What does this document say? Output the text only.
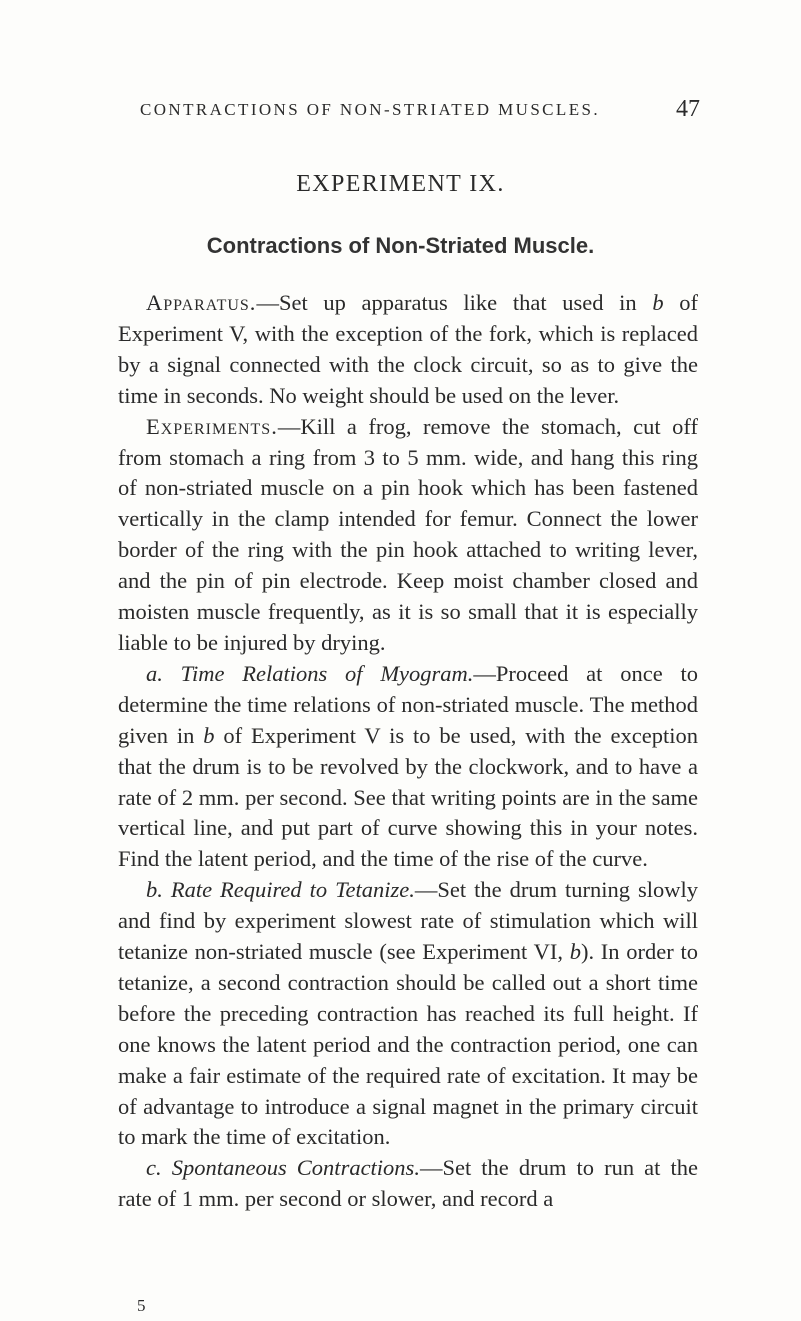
CONTRACTIONS OF NON-STRIATED MUSCLES.	47
EXPERIMENT IX.
Contractions of Non-Striated Muscle.

Apparatus.—Set up apparatus like that used in b of Experiment V, with the exception of the fork, which is replaced by a signal connected with the clock circuit, so as to give the time in seconds. No weight should be used on the lever.

Experiments.—Kill a frog, remove the stomach, cut off from stomach a ring from 3 to 5 mm. wide, and hang this ring of non-striated muscle on a pin hook which has been fastened vertically in the clamp intended for femur. Connect the lower border of the ring with the pin hook attached to writing lever, and the pin of pin electrode. Keep moist chamber closed and moisten muscle frequently, as it is so small that it is especially liable to be injured by drying.

a. Time Relations of Myogram.—Proceed at once to determine the time relations of non-striated muscle. The method given in b of Experiment V is to be used, with the exception that the drum is to be revolved by the clockwork, and to have a rate of 2 mm. per second. See that writing points are in the same vertical line, and put part of curve showing this in your notes. Find the latent period, and the time of the rise of the curve.

b. Rate Required to Tetanize.—Set the drum turning slowly and find by experiment slowest rate of stimulation which will tetanize non-striated muscle (see Experiment VI, b). In order to tetanize, a second contraction should be called out a short time before the preceding contraction has reached its full height. If one knows the latent period and the contraction period, one can make a fair estimate of the required rate of excitation. It may be of advantage to introduce a signal magnet in the primary circuit to mark the time of excitation.

c. Spontaneous Contractions.—Set the drum to run at the rate of 1 mm. per second or slower, and record a

5
